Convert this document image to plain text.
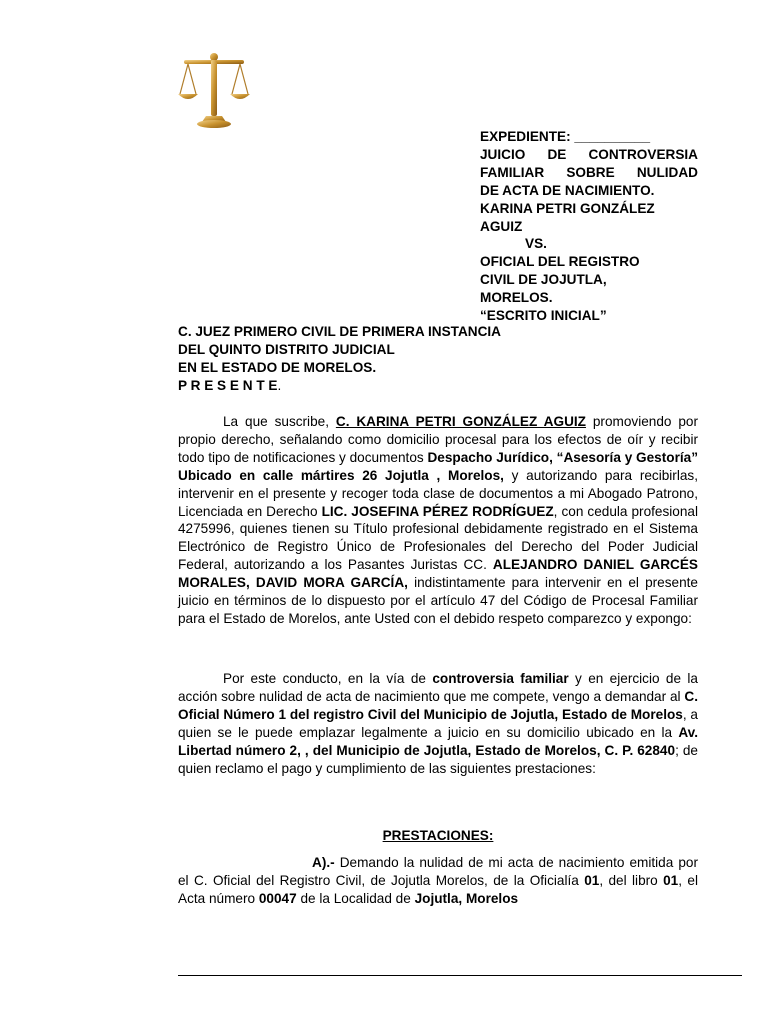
EXPEDIENTE: __________
JUICIO DE CONTROVERSIA
FAMILIAR SOBRE NULIDAD
DE ACTA DE NACIMIENTO.
KARINA PETRI GONZÁLEZ
AGUIZ
VS.
OFICIAL DEL REGISTRO
CIVIL DE JOJUTLA,
MORELOS.
“ESCRITO INICIAL”
C. JUEZ PRIMERO CIVIL DE PRIMERA INSTANCIA
DEL QUINTO DISTRITO JUDICIAL
EN EL ESTADO DE MORELOS.
P R E S E N T E.
La que suscribe, C. KARINA PETRI GONZÁLEZ AGUIZ promoviendo por propio derecho, señalando como domicilio procesal para los efectos de oír y recibir todo tipo de notificaciones y documentos Despacho Jurídico, “Asesoría y Gestoría” Ubicado en calle mártires 26 Jojutla , Morelos, y autorizando para recibirlas, intervenir en el presente y recoger toda clase de documentos a mi Abogado Patrono, Licenciada en Derecho LIC. JOSEFINA PÉREZ RODRÍGUEZ, con cedula profesional 4275996, quienes tienen su Título profesional debidamente registrado en el Sistema Electrónico de Registro Único de Profesionales del Derecho del Poder Judicial Federal, autorizando a los Pasantes Juristas CC. ALEJANDRO DANIEL GARCÉS MORALES, DAVID MORA GARCÍA, indistintamente para intervenir en el presente juicio en términos de lo dispuesto por el artículo 47 del Código de Procesal Familiar para el Estado de Morelos, ante Usted con el debido respeto comparezco y expongo:
Por este conducto, en la vía de controversia familiar y en ejercicio de la acción sobre nulidad de acta de nacimiento que me compete, vengo a demandar al C. Oficial Número 1 del registro Civil del Municipio de Jojutla, Estado de Morelos, a quien se le puede emplazar legalmente a juicio en su domicilio ubicado en la Av. Libertad número 2, , del Municipio de Jojutla, Estado de Morelos, C. P. 62840; de quien reclamo el pago y cumplimiento de las siguientes prestaciones:
PRESTACIONES:
A).- Demando la nulidad de mi acta de nacimiento emitida por el C. Oficial del Registro Civil, de Jojutla Morelos, de la Oficialía 01, del libro 01, el Acta número 00047 de la Localidad de Jojutla, Morelos
